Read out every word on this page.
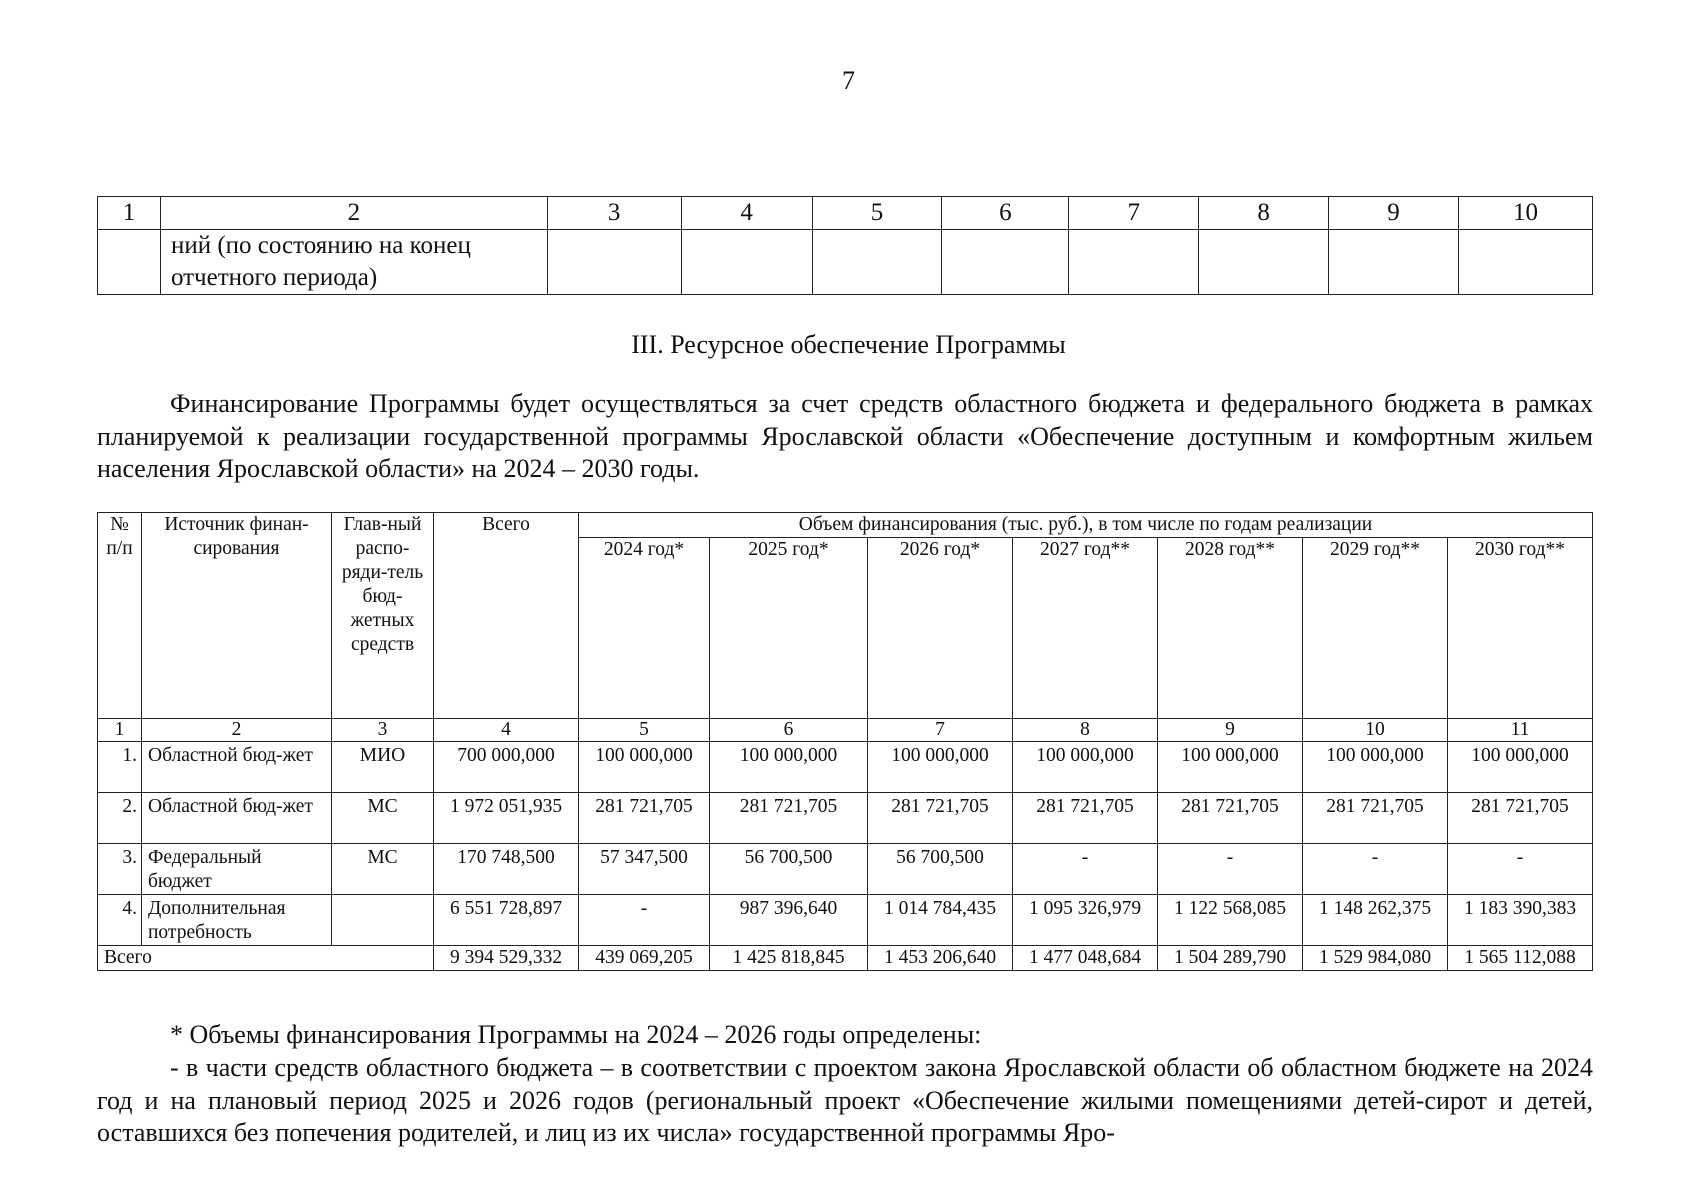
7
1	2	3	4	5	6	7	8	9	10
	ний (по состоянию на конец отчетного периода)								
III. Ресурсное обеспечение Программы

Финансирование Программы будет осуществляться за счет средств областного бюджета и федерального бюджета в рамках планируемой к реализации государственной программы Ярославской области «Обеспечение доступным и комфортным жильем населения Ярославской области» на 2024 – 2030 годы.

№ п/п	Источник финан-сирования	Глав-ный распо-ряди-тель бюд-жетных средств	Всего	Объем финансирования (тыс. руб.), в том числе по годам реализации						
				2024 год*	2025 год*	2026 год*	2027 год**	2028 год**	2029 год**	2030 год**
1	2	3	4	5	6	7	8	9	10	11
1.	Областной бюд-жет	МИО	700 000,000	100 000,000	100 000,000	100 000,000	100 000,000	100 000,000	100 000,000	100 000,000
2.	Областной бюд-жет	МС	1 972 051,935	281 721,705	281 721,705	281 721,705	281 721,705	281 721,705	281 721,705	281 721,705
3.	Федеральный бюджет	МС	170 748,500	57 347,500	56 700,500	56 700,500	-	-	-	-
4.	Дополнительная потребность		6 551 728,897	-	987 396,640	1 014 784,435	1 095 326,979	1 122 568,085	1 148 262,375	1 183 390,383
Всего			9 394 529,332	439 069,205	1 425 818,845	1 453 206,640	1 477 048,684	1 504 289,790	1 529 984,080	1 565 112,088
* Объемы финансирования Программы на 2024 – 2026 годы определены:

- в части средств областного бюджета – в соответствии с проектом закона Ярославской области об областном бюджете на 2024 год и на плановый период 2025 и 2026 годов (региональный проект «Обеспечение жилыми помещениями детей-сирот и детей, оставшихся без попечения родителей, и лиц из их числа» государственной программы Яро-
